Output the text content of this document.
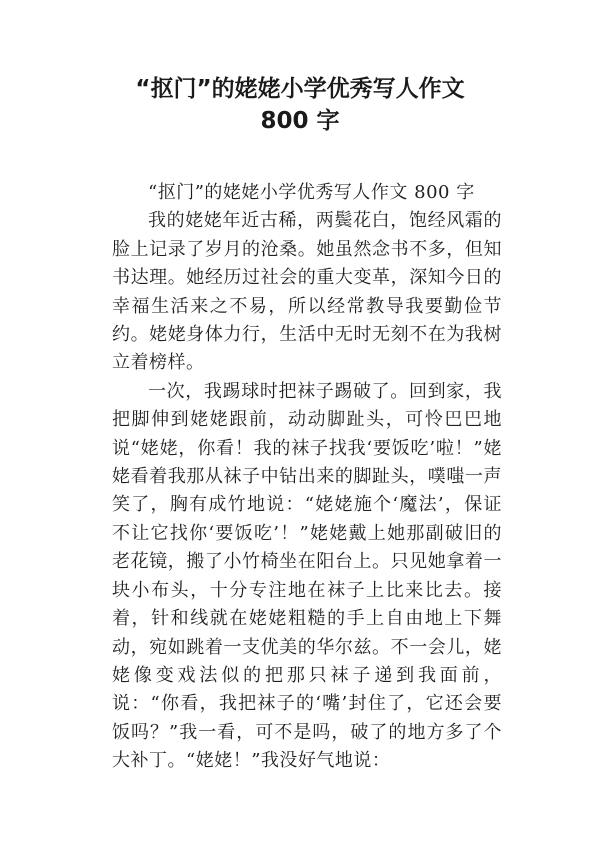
“抠门”的姥姥小学优秀写人作文
800 字

“抠门”的姥姥小学优秀写人作文 800 字

我的姥姥年近古稀，两鬓花白，饱经风霜的脸上记录了岁月的沧桑。她虽然念书不多，但知书达理。她经历过社会的重大变革，深知今日的幸福生活来之不易，所以经常教导我要勤俭节约。姥姥身体力行，生活中无时无刻不在为我树立着榜样。

一次，我踢球时把袜子踢破了。回到家，我把脚伸到姥姥跟前，动动脚趾头，可怜巴巴地说“姥姥，你看！我的袜子找我‘要饭吃’啦！”姥姥看着我那从袜子中钻出来的脚趾头，噗嗤一声笑了，胸有成竹地说：“姥姥施个‘魔法’，保证不让它找你‘要饭吃’！”姥姥戴上她那副破旧的老花镜，搬了小竹椅坐在阳台上。只见她拿着一块小布头，十分专注地在袜子上比来比去。接着，针和线就在姥姥粗糙的手上自由地上下舞动，宛如跳着一支优美的华尔兹。不一会儿，姥姥像变戏法似的把那只袜子递到我面前，说：“你看，我把袜子的‘嘴’封住了，它还会要饭吗？”我一看，可不是吗，破了的地方多了个大补丁。“姥姥！”我没好气地说：
